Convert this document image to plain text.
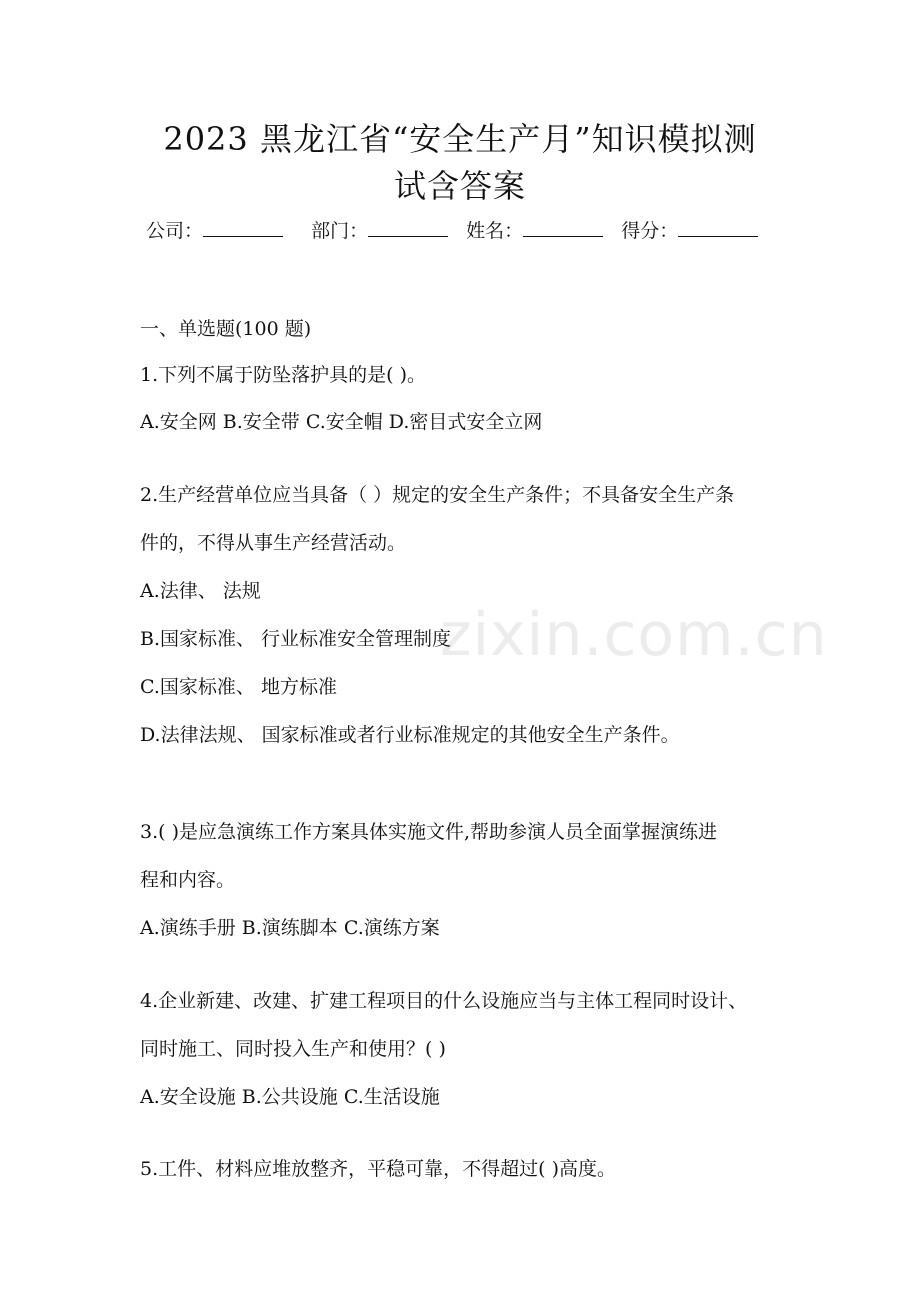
zixin.com.cn
2023 黑龙江省“安全生产月”知识模拟测
试含答案
公司：	部门：	姓名：	得分：
一、单选题(100 题)
1.下列不属于防坠落护具的是( )。
A.安全网 B.安全带 C.安全帽 D.密目式安全立网
2.生产经营单位应当具备（ ）规定的安全生产条件；不具备安全生产条
件的，不得从事生产经营活动。
A.法律、 法规
B.国家标准、 行业标准安全管理制度
C.国家标准、 地方标准
D.法律法规、 国家标准或者行业标准规定的其他安全生产条件。
3.( )是应急演练工作方案具体实施文件,帮助参演人员全面掌握演练进
程和内容。
A.演练手册 B.演练脚本 C.演练方案
4.企业新建、改建、扩建工程项目的什么设施应当与主体工程同时设计、
同时施工、同时投入生产和使用？( )
A.安全设施 B.公共设施 C.生活设施
5.工件、材料应堆放整齐，平稳可靠，不得超过( )高度。
